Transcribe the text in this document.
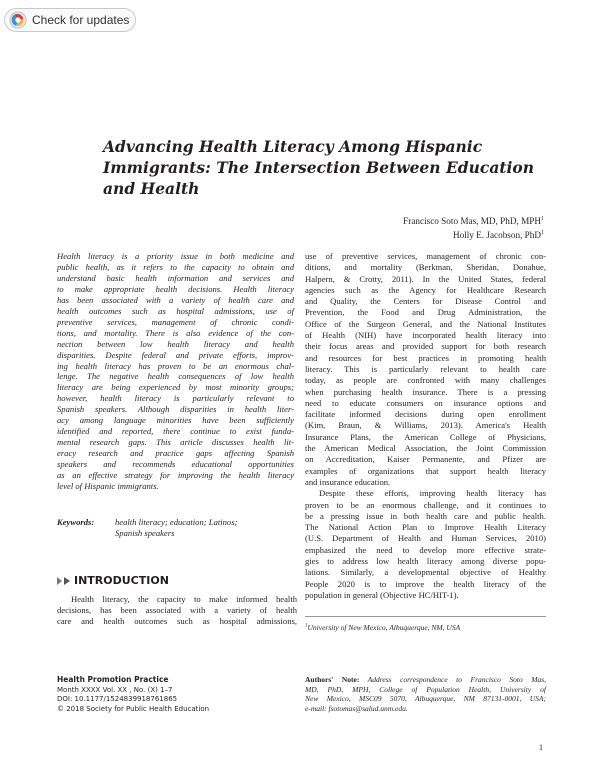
Check for updates
Advancing Health Literacy Among Hispanic
Immigrants: The Intersection Between Education
and Health
Francisco Soto Mas, MD, PhD, MPH$^1$
Holly E. Jacobson, PhD$^1$
Health literacy is a priority issue in both medicine and
public health, as it refers to the capacity to obtain and
understand basic health information and services and
to make appropriate health decisions. Health literacy
has been associated with a variety of health care and
health outcomes such as hospital admissions, use of
preventive services, management of chronic condi-
tions, and mortality. There is also evidence of the con-
nection between low health literacy and health
disparities. Despite federal and private efforts, improv-
ing health literacy has proven to be an enormous chal-
lenge. The negative health consequences of low health
literacy are being experienced by most minority groups;
however, health literacy is particularly relevant to
Spanish speakers. Although disparities in health liter-
acy among language minorities have been sufficiently
identified and reported, there continue to exist funda-
mental research gaps. This article discusses health lit-
eracy research and practice gaps affecting Spanish
speakers and recommends educational opportunities
as an effective strategy for improving the health literacy
level of Hispanic immigrants.
Keywords: health literacy; education; Latinos;
Spanish speakers
INTRODUCTION
Health literacy, the capacity to make informed health
decisions, has been associated with a variety of health
care and health outcomes such as hospital admissions,
use of preventive services, management of chronic con-
ditions, and mortality (Berkman, Sheridan, Donahue,
Halpern, & Crotty, 2011). In the United States, federal
agencies such as the Agency for Healthcare Research
and Quality, the Centers for Disease Control and
Prevention, the Food and Drug Administration, the
Office of the Surgeon General, and the National Institutes
of Health (NIH) have incorporated health literacy into
their focus areas and provided support for both research
and resources for best practices in promoting health
literacy. This is particularly relevant to health care
today, as people are confronted with many challenges
when purchasing health insurance. There is a pressing
need to educate consumers on insurance options and
facilitate informed decisions during open enrollment
(Kim, Braun, & Williams, 2013). America's Health
Insurance Plans, the American College of Physicians,
the American Medical Association, the Joint Commission
on Accreditation, Kaiser Permanente, and Pfizer are
examples of organizations that support health literacy
and insurance education.
Despite these efforts, improving health literacy has
proven to be an enormous challenge, and it continues to
be a pressing issue in both health care and public health.
The National Action Plan to Improve Health Literacy
(U.S. Department of Health and Human Services, 2010)
emphasized the need to develop more effective strate-
gies to address low health literacy among diverse popu-
lations. Similarly, a developmental objective of Healthy
People 2020 is to improve the health literacy of the
population in general (Objective HC/HIT-1).
$^1$University of New Mexico, Albuquerque, NM, USA
Health Promotion Practice
Month XXXX Vol. XX , No. (X) 1–7
DOI: 10.1177/1524839918761865
© 2018 Society for Public Health Education
Authors' Note: Address correspondence to Francisco Soto Mas,
MD, PhD, MPH, College of Population Health, University of
New Mexico, MSC09 5070, Albuquerque, NM 87131-0001, USA;
e-mail: fsotomas@salud.unm.edu.
1
